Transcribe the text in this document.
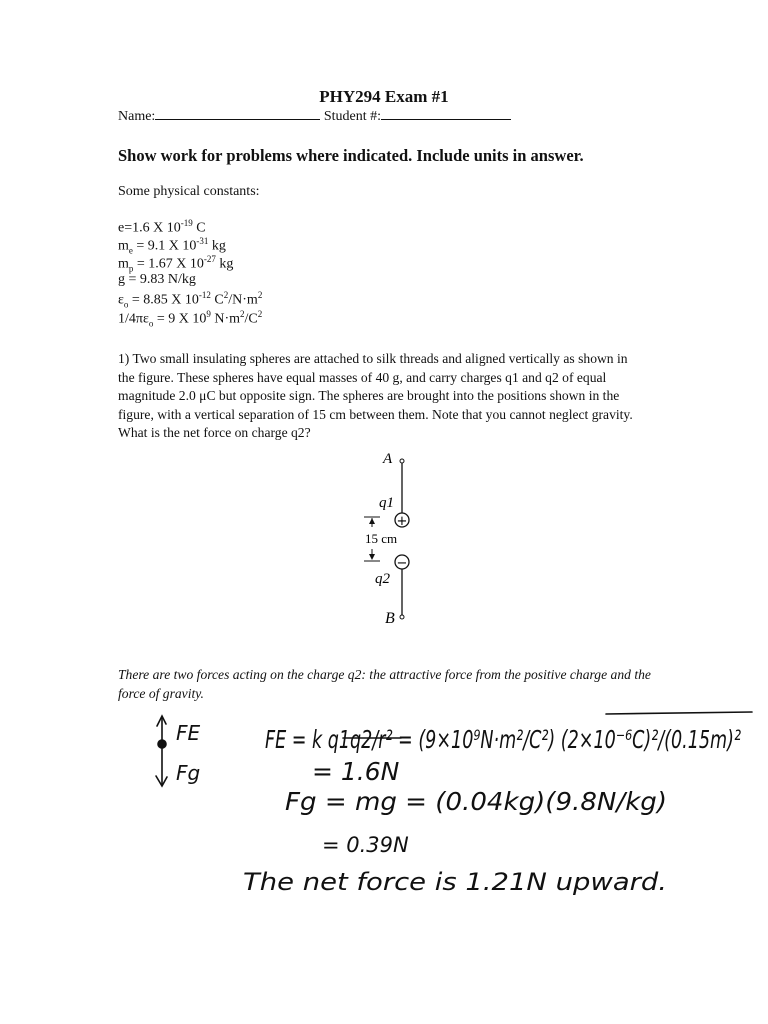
PHY294 Exam #1
Name:	Student #:
Show work for problems where indicated. Include units in answer.
Some physical constants:
e=1.6 X $10^{-19}$ C
$m_e = 9.1$ X $10^{-31}$ kg
$m_p = 1.67$ X $10^{-27}$ kg
g = 9.83 N/kg
$\varepsilon_o = 8.85$ X $10^{-12}$ $C^2/N\cdot m^2$
$1/4\pi\varepsilon_o = 9$ X $10^9$ $N\cdot m^2/C^2$
1) Two small insulating spheres are attached to silk threads and aligned vertically as shown in the figure. These spheres have equal masses of 40 g, and carry charges q1 and q2 of equal magnitude 2.0 μC but opposite sign. The spheres are brought into the positions shown in the figure, with a vertical separation of 15 cm between them. Note that you cannot neglect gravity. What is the net force on charge q2?
A
q1
+
15 cm
−
q2
B
There are two forces acting on the charge q2: the attractive force from the positive charge and the force of gravity.
FE
Fg
FE = k q1q2/r² = (9×10⁹N·m²/C²) (2×10⁻⁶C)²/(0.15m)²
= 1.6N
Fg = mg = (0.04kg)(9.8N/kg)
= 0.39N
The net force is 1.21N upward.
